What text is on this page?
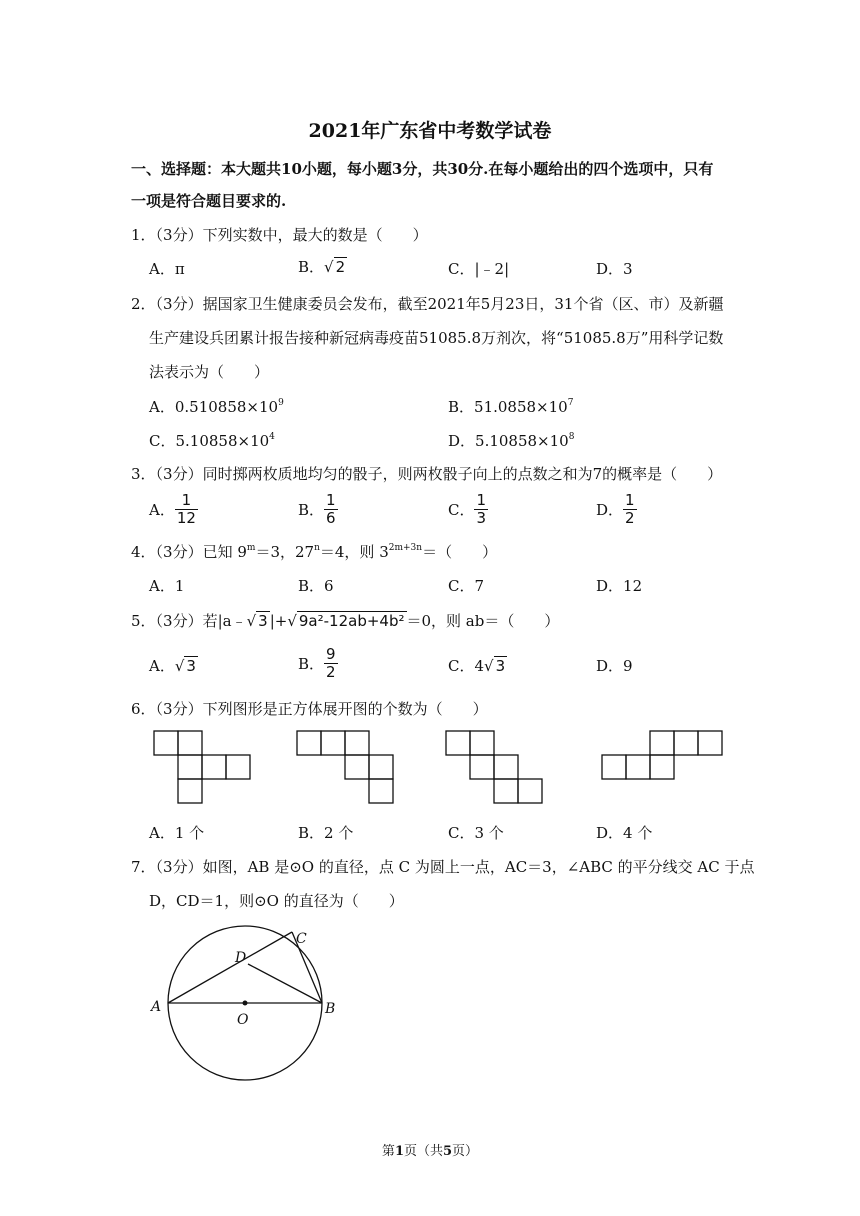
2021年广东省中考数学试卷
一、选择题：本大题共10小题，每小题3分，共30分.在每小题给出的四个选项中，只有
一项是符合题目要求的.
1．（3分）下列实数中，最大的数是（　　）
A．π	B．√ 2	C．|﹣2|	D．3
2．（3分）据国家卫生健康委员会发布，截至2021年5月23日，31个省（区、市）及新疆
生产建设兵团累计报告接种新冠病毒疫苗51085.8万剂次，将“51085.8万”用科学记数
法表示为（　　）
A．$0.510858\times 10^9$	B．$51.0858\times 10^7$
C．$5.10858\times 10^4$	D．$5.10858\times 10^8$
3．（3分）同时掷两枚质地均匀的骰子，则两枚骰子向上的点数之和为7的概率是（　　）
A． $\frac{1}{12}$	B． $\frac{1}{6}$	C． $\frac{1}{3}$	D． $\frac{1}{2}$
4．（3分）已知 $9^m=3$，$27^n=4$，则 $3^{2m+3n}=$（　　）
A．1	B．6	C．7	D．12
5．（3分）若|a﹣√ 3 |+√ 9a²-12ab+4b² ＝0，则 ab＝（　　）
A．√ 3	B． $\frac{9}{2}$	C．4√ 3	D．9
6．（3分）下列图形是正方体展开图的个数为（　　）
A	B
C
D
O
A．1 个	B．2 个	C．3 个	D．4 个
7．（3分）如图，AB 是⊙O 的直径，点 C 为圆上一点，AC＝3，∠ABC 的平分线交 AC 于点
D，CD＝1，则⊙O 的直径为（　　）
第1页（共5页）
